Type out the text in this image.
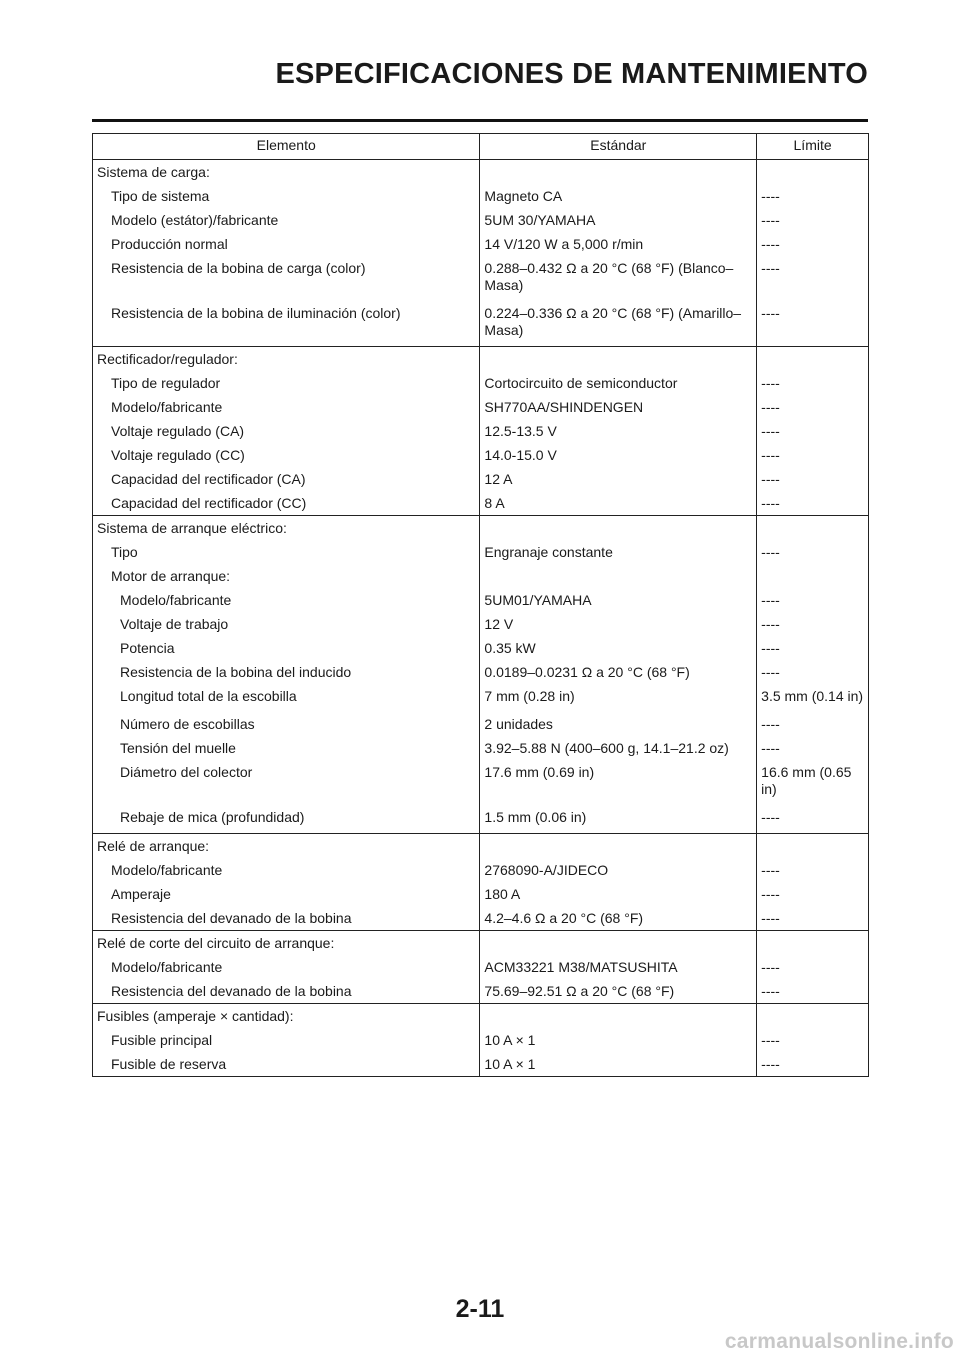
ESPECIFICACIONES DE MANTENIMIENTO
Elemento	Estándar	Límite
Sistema de carga:		
Tipo de sistema	Magneto CA	----
Modelo (estátor)/fabricante	5UM 30/YAMAHA	----
Producción normal	14 V/120 W a 5,000 r/min	----
Resistencia de la bobina de carga (color)	0.288–0.432 Ω a 20 °C (68 °F) (Blanco–Masa)	----
Resistencia de la bobina de iluminación (color)	0.224–0.336 Ω a 20 °C (68 °F) (Amarillo–Masa)	----
Rectificador/regulador:		
Tipo de regulador	Cortocircuito de semiconductor	----
Modelo/fabricante	SH770AA/SHINDENGEN	----
Voltaje regulado (CA)	12.5-13.5 V	----
Voltaje regulado (CC)	14.0-15.0 V	----
Capacidad del rectificador (CA)	12 A	----
Capacidad del rectificador (CC)	8 A	----
Sistema de arranque eléctrico:		
Tipo	Engranaje constante	----
Motor de arranque:		
Modelo/fabricante	5UM01/YAMAHA	----
Voltaje de trabajo	12 V	----
Potencia	0.35 kW	----
Resistencia de la bobina del inducido	0.0189–0.0231 Ω a 20 °C (68 °F)	----
Longitud total de la escobilla	7 mm (0.28 in)	3.5 mm (0.14 in)
Número de escobillas	2 unidades	----
Tensión del muelle	3.92–5.88 N (400–600 g, 14.1–21.2 oz)	----
Diámetro del colector	17.6 mm (0.69 in)	16.6 mm (0.65 in)
Rebaje de mica (profundidad)	1.5 mm (0.06 in)	----
Relé de arranque:		
Modelo/fabricante	2768090-A/JIDECO	----
Amperaje	180 A	----
Resistencia del devanado de la bobina	4.2–4.6 Ω a 20 °C (68 °F)	----
Relé de corte del circuito de arranque:		
Modelo/fabricante	ACM33221 M38/MATSUSHITA	----
Resistencia del devanado de la bobina	75.69–92.51 Ω a 20 °C (68 °F)	----
Fusibles (amperaje × cantidad):		
Fusible principal	10 A × 1	----
Fusible de reserva	10 A × 1	----
2-11
carmanualsonline.info
